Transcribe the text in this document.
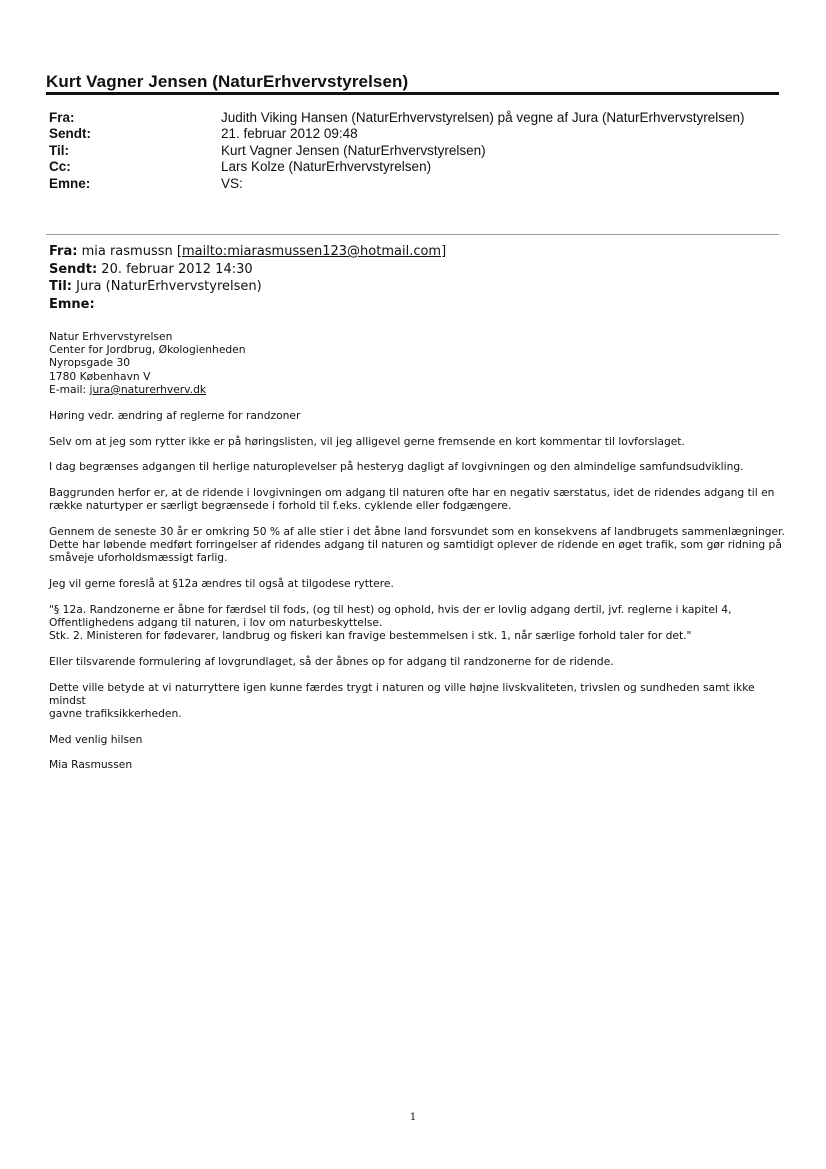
Kurt Vagner Jensen (NaturErhvervstyrelsen)
Fra:	Judith Viking Hansen (NaturErhvervstyrelsen) på vegne af Jura (NaturErhvervstyrelsen)
Sendt:	21. februar 2012 09:48
Til:	Kurt Vagner Jensen (NaturErhvervstyrelsen)
Cc:	Lars Kolze (NaturErhvervstyrelsen)
Emne:	VS:
Fra: mia rasmussn [mailto:miarasmussen123@hotmail.com]
Sendt: 20. februar 2012 14:30
Til: Jura (NaturErhvervstyrelsen)
Emne:

Natur Erhvervstyrelsen
Center for Jordbrug, Økologienheden
Nyropsgade 30
1780 København V
E-mail: jura@naturerhverv.dk

Høring vedr. ændring af reglerne for randzoner

Selv om at jeg som rytter ikke er på høringslisten, vil jeg alligevel gerne fremsende en kort kommentar til lovforslaget.

I dag begrænses adgangen til herlige naturoplevelser på hesteryg dagligt af lovgivningen og den almindelige samfundsudvikling.

Baggrunden herfor er, at de ridende i lovgivningen om adgang til naturen ofte har en negativ særstatus, idet de ridendes adgang til en
række naturtyper er særligt begrænsede i forhold til f.eks. cyklende eller fodgængere.

Gennem de seneste 30 år er omkring 50 % af alle stier i det åbne land forsvundet som en konsekvens af landbrugets sammenlægninger.
Dette har løbende medført forringelser af ridendes adgang til naturen og samtidigt oplever de ridende en øget trafik, som gør ridning på
småveje uforholdsmæssigt farlig.

Jeg vil gerne foreslå at §12a ændres til også at tilgodese ryttere.

"§ 12a. Randzonerne er åbne for færdsel til fods, (og til hest) og ophold, hvis der er lovlig adgang dertil, jvf. reglerne i kapitel 4,
Offentlighedens adgang til naturen, i lov om naturbeskyttelse.
Stk. 2. Ministeren for fødevarer, landbrug og fiskeri kan fravige bestemmelsen i stk. 1, når særlige forhold taler for det."

Eller tilsvarende formulering af lovgrundlaget, så der åbnes op for adgang til randzonerne for de ridende.

Dette ville betyde at vi naturryttere igen kunne færdes trygt i naturen og ville højne livskvaliteten, trivslen og sundheden samt ikke mindst
gavne trafiksikkerheden.

Med venlig hilsen

Mia Rasmussen

1
